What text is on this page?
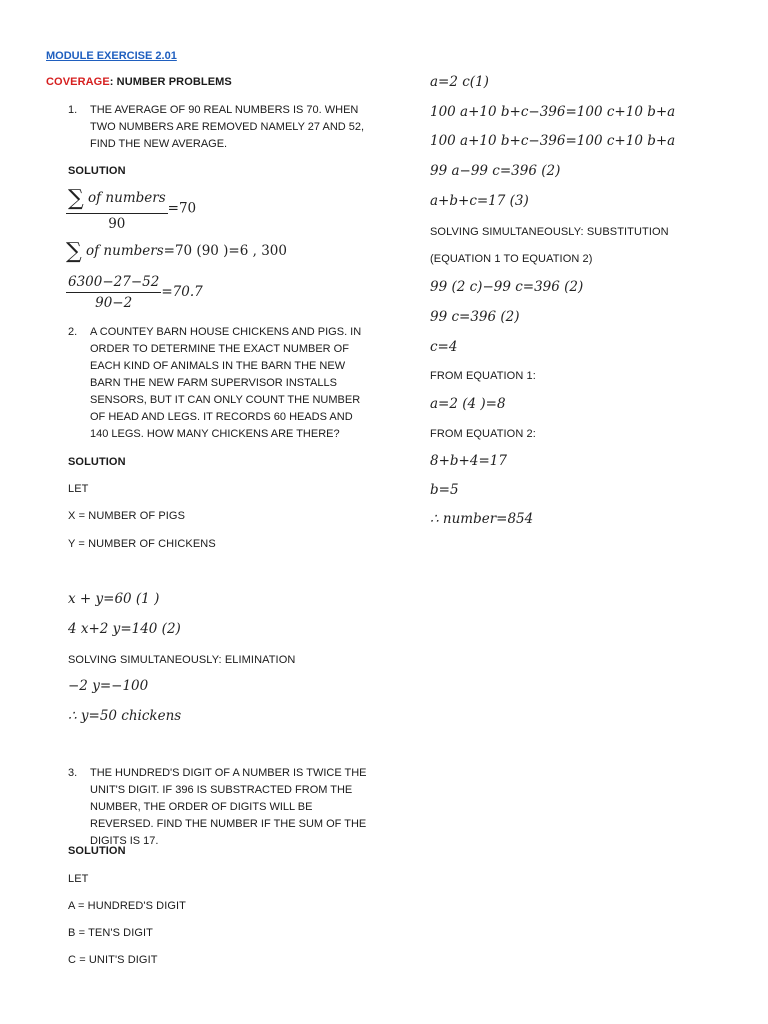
MODULE EXERCISE 2.01
COVERAGE: NUMBER PROBLEMS
1. THE AVERAGE OF 90 REAL NUMBERS IS 70. WHEN TWO NUMBERS ARE REMOVED NAMELY 27 AND 52, FIND THE NEW AVERAGE.
SOLUTION
$\frac{\text{∑ of numbers}}{90} =70$
∑ of numbers=70 (90 )=6 , 300
$\frac{6300-27-52}{90-2} =70.7$
2. A COUNTEY BARN HOUSE CHICKENS AND PIGS. IN ORDER TO DETERMINE THE EXACT NUMBER OF EACH KIND OF ANIMALS IN THE BARN THE NEW BARN THE NEW FARM SUPERVISOR INSTALLS SENSORS, BUT IT CAN ONLY COUNT THE NUMBER OF HEAD AND LEGS. IT RECORDS 60 HEADS AND 140 LEGS. HOW MANY CHICKENS ARE THERE?
SOLUTION
LET
X = NUMBER OF PIGS
Y = NUMBER OF CHICKENS
x + y=60 (1 )
4 x+2 y=140 (2)
SOLVING SIMULTANEOUSLY: ELIMINATION
−2 y=−100
∴ y=50 chickens
3. THE HUNDRED'S DIGIT OF A NUMBER IS TWICE THE UNIT'S DIGIT. IF 396 IS SUBSTRACTED FROM THE NUMBER, THE ORDER OF DIGITS WILL BE REVERSED. FIND THE NUMBER IF THE SUM OF THE DIGITS IS 17.
SOLUTION
LET
A = HUNDRED'S DIGIT
B = TEN'S DIGIT
C = UNIT'S DIGIT
a=2 c(1)
100 a+10 b+c−396=100 c+10 b+a
100 a+10 b+c−396=100 c+10 b+a
99 a−99 c=396 (2)
a+b+c=17 (3)
SOLVING SIMULTANEOUSLY: SUBSTITUTION
(EQUATION 1 TO EQUATION 2)
99 (2 c)−99 c=396 (2)
99 c=396 (2)
c=4
FROM EQUATION 1:
a=2 (4 )=8
FROM EQUATION 2:
8+b+4=17
b=5
∴ number=854
